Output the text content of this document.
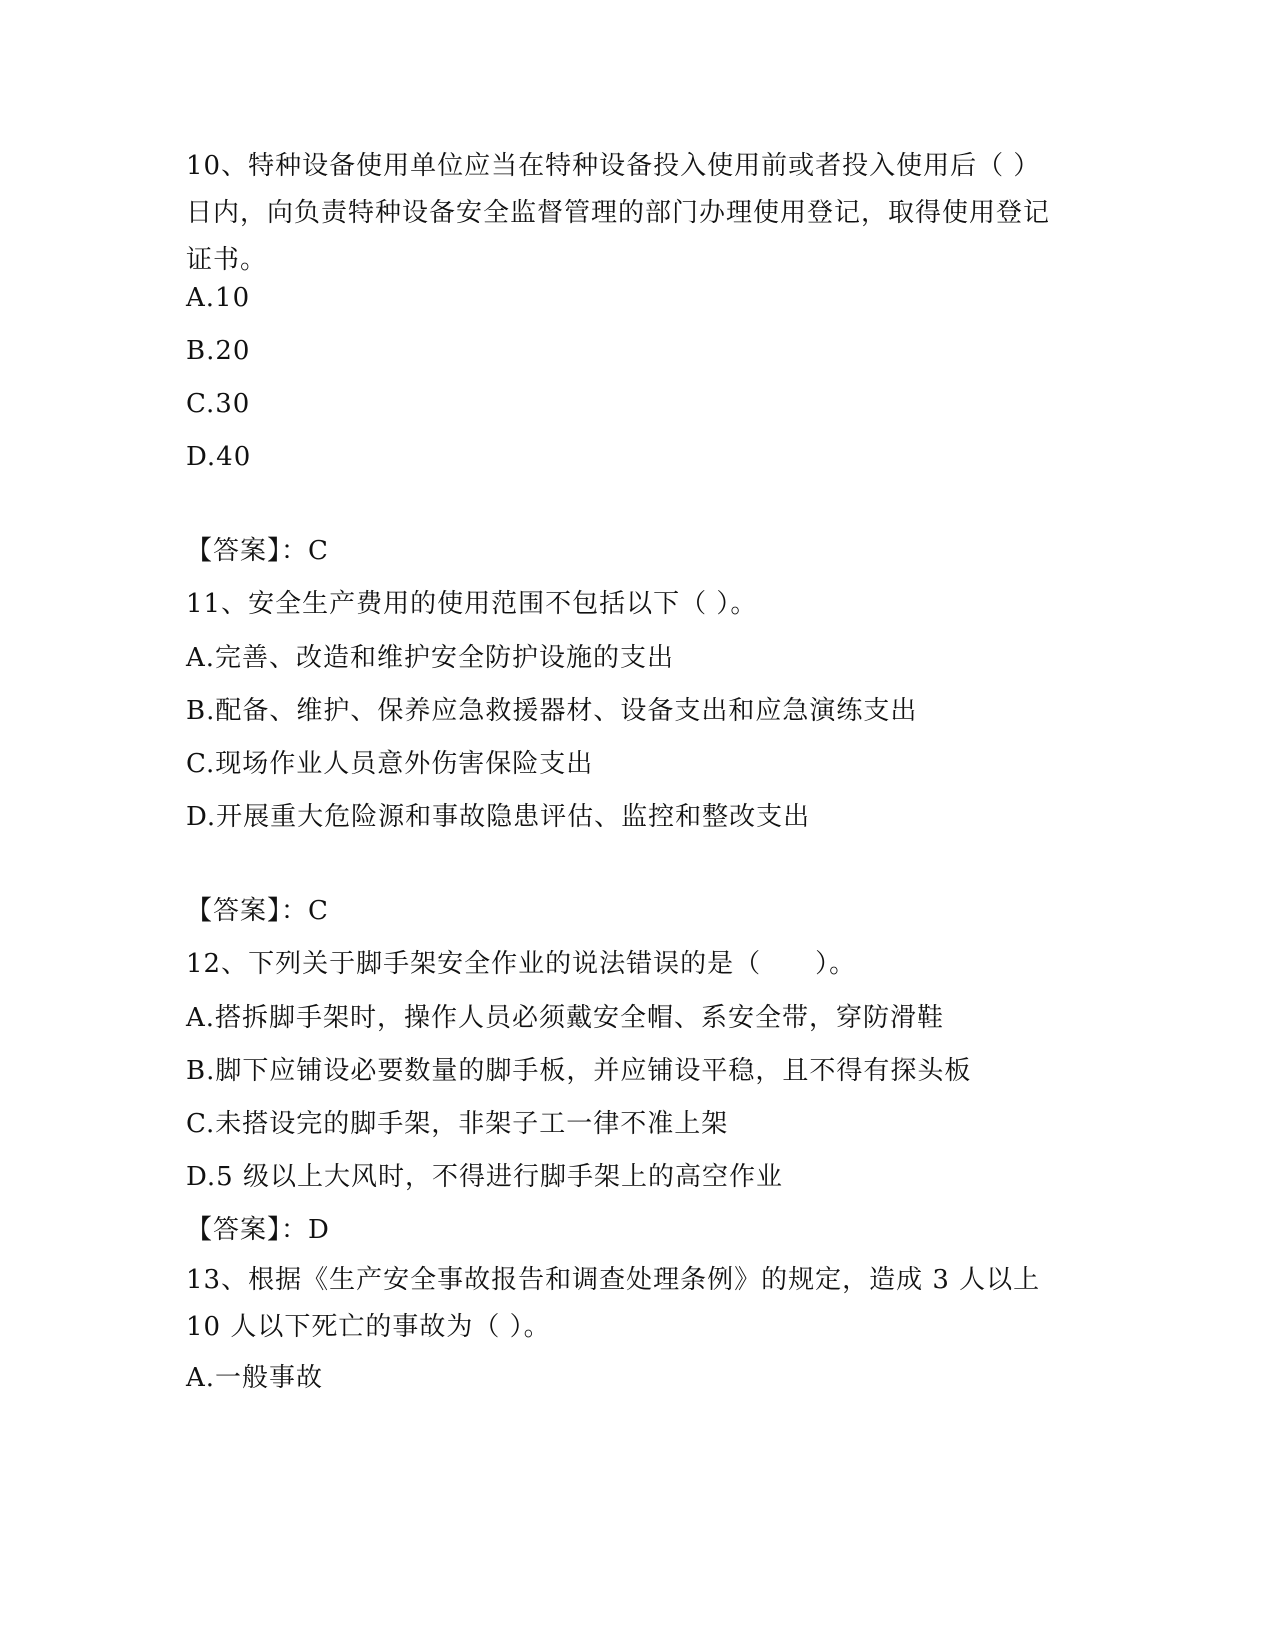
10、特种设备使用单位应当在特种设备投入使用前或者投入使用后（ ）日内，向负责特种设备安全监督管理的部门办理使用登记，取得使用登记证书。
A.10
B.20
C.30
D.40
【答案】：C
11、安全生产费用的使用范围不包括以下（ ）。
A.完善、改造和维护安全防护设施的支出
B.配备、维护、保养应急救援器材、设备支出和应急演练支出
C.现场作业人员意外伤害保险支出
D.开展重大危险源和事故隐患评估、监控和整改支出
【答案】：C
12、下列关于脚手架安全作业的说法错误的是（　　）。
A.搭拆脚手架时，操作人员必须戴安全帽、系安全带，穿防滑鞋
B.脚下应铺设必要数量的脚手板，并应铺设平稳，且不得有探头板
C.未搭设完的脚手架，非架子工一律不准上架
D.5 级以上大风时，不得进行脚手架上的高空作业
【答案】：D
13、根据《生产安全事故报告和调查处理条例》的规定，造成 3 人以上 10 人以下死亡的事故为（ ）。
A.一般事故
